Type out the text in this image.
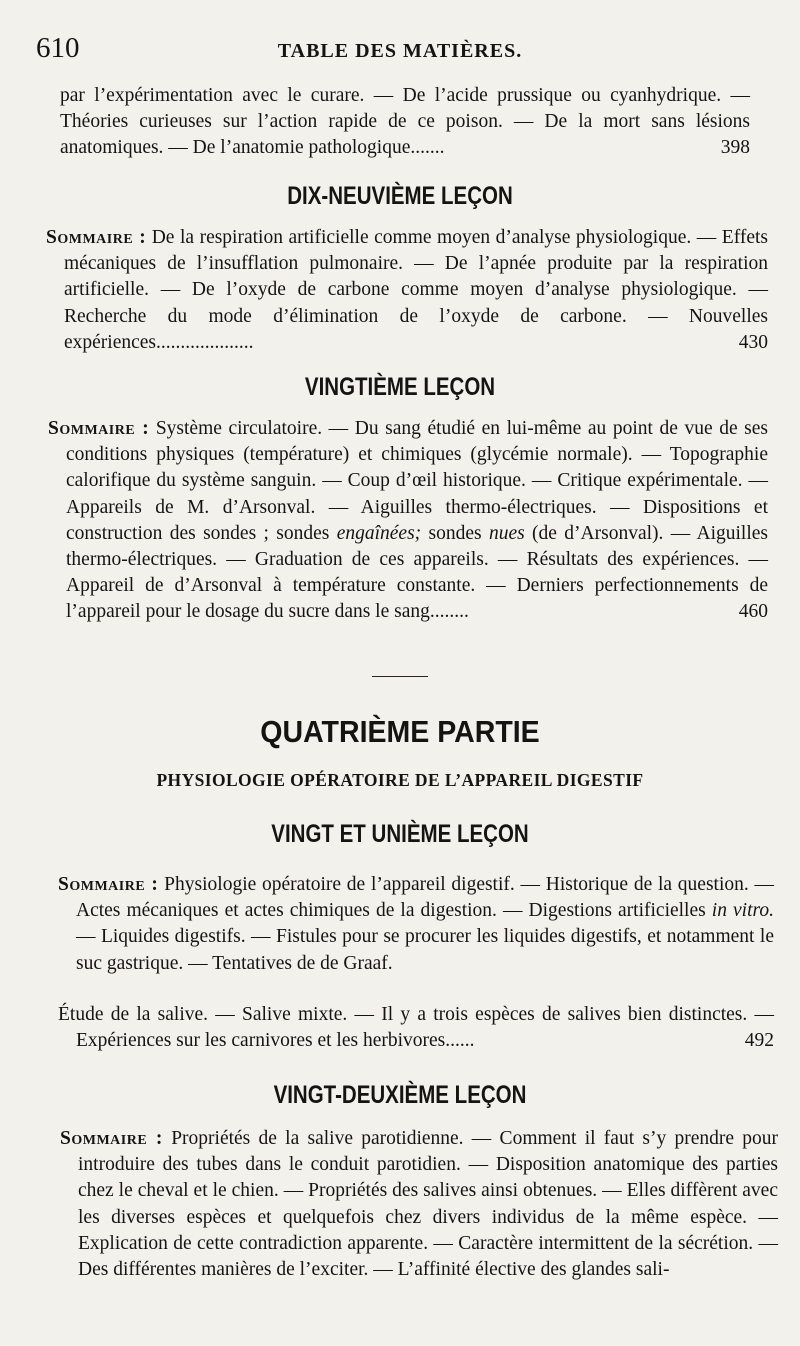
610	TABLE DES MATIÈRES.

par l’expérimentation avec le curare. — De l’acide prussique ou cyanhydrique. — Théories curieuses sur l’action rapide de ce poison. — De la mort sans lésions anatomiques. — De l’anatomie pathologique.......	398

DIX-NEUVIÈME LEÇON

Sommaire : De la respiration artificielle comme moyen d’analyse physiologique. — Effets mécaniques de l’insufflation pulmonaire. — De l’apnée produite par la respiration artificielle. — De l’oxyde de carbone comme moyen d’analyse physiologique. — Recherche du mode d’élimination de l’oxyde de carbone. — Nouvelles expériences....................	430

VINGTIÈME LEÇON

Sommaire : Système circulatoire. — Du sang étudié en lui-même au point de vue de ses conditions physiques (température) et chimiques (glycémie normale). — Topographie calorifique du système sanguin. — Coup d’œil historique. — Critique expérimentale. — Appareils de M. d’Arsonval. — Aiguilles thermo-électriques. — Dispositions et construction des sondes ; sondes engaînées; sondes nues (de d’Arsonval). — Aiguilles thermo-électriques. — Graduation de ces appareils. — Résultats des expériences. — Appareil de d’Arsonval à température constante. — Derniers perfectionnements de l’appareil pour le dosage du sucre dans le sang........	460

QUATRIÈME PARTIE
PHYSIOLOGIE OPÉRATOIRE DE L’APPAREIL DIGESTIF
VINGT ET UNIÈME LEÇON

Sommaire : Physiologie opératoire de l’appareil digestif. — Historique de la question. — Actes mécaniques et actes chimiques de la digestion. — Digestions artificielles in vitro. — Liquides digestifs. — Fistules pour se procurer les liquides digestifs, et notamment le suc gastrique. — Tentatives de de Graaf.

Étude de la salive. — Salive mixte. — Il y a trois espèces de salives bien distinctes. — Expériences sur les carnivores et les herbivores......	492

VINGT-DEUXIÈME LEÇON

Sommaire : Propriétés de la salive parotidienne. — Comment il faut s’y prendre pour introduire des tubes dans le conduit parotidien. — Disposition anatomique des parties chez le cheval et le chien. — Propriétés des salives ainsi obtenues. — Elles diffèrent avec les diverses espèces et quelquefois chez divers individus de la même espèce. — Explication de cette contradiction apparente. — Caractère intermittent de la sécrétion. — Des différentes manières de l’exciter. — L’affinité élective des glandes sali-
